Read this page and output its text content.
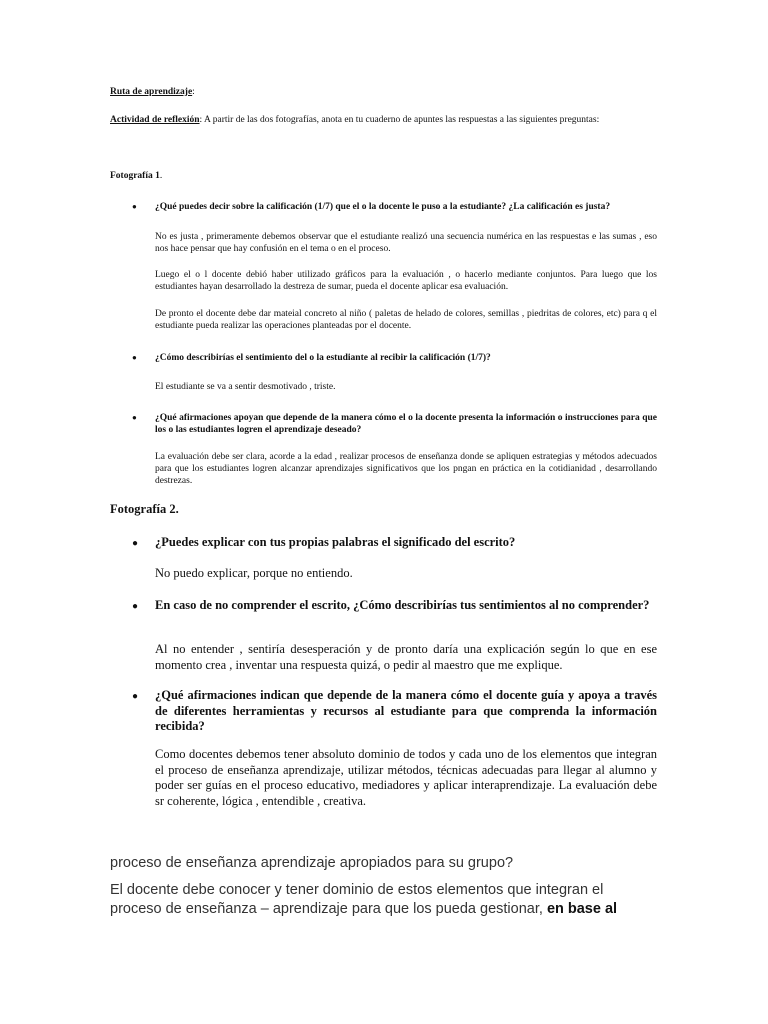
Ruta de aprendizaje:
Actividad de reflexión: A partir de las dos fotografías, anota en tu cuaderno de apuntes las respuestas a las siguientes preguntas:
Fotografía 1.
● ¿Qué puedes decir sobre la calificación (1/7) que el o la docente le puso a la estudiante? ¿La calificación es justa?
No es justa , primeramente debemos observar que el estudiante realizó una secuencia numérica en las respuestas e las sumas , eso nos hace pensar que hay confusión en el tema o en el proceso.
Luego el o l docente debió haber utilizado gráficos para la evaluación , o hacerlo mediante conjuntos. Para luego que los estudiantes hayan desarrollado la destreza de sumar, pueda el docente aplicar esa evaluación.
De pronto el docente debe dar mateial concreto al niño ( paletas de helado de colores, semillas , piedritas de colores, etc) para q el estudiante pueda realizar las operaciones planteadas por el docente.
● ¿Cómo describirías el sentimiento del o la estudiante al recibir la calificación (1/7)?
El estudiante se va a sentir desmotivado , triste.
● ¿Qué afirmaciones apoyan que depende de la manera cómo el o la docente presenta la información o instrucciones para que los o las estudiantes logren el aprendizaje deseado?
La evaluación debe ser clara, acorde a la edad , realizar procesos de enseñanza donde se apliquen estrategias y métodos adecuados para que los estudiantes logren alcanzar aprendizajes significativos que los pngan en práctica en la cotidianidad , desarrollando destrezas.
Fotografía 2.
● ¿Puedes explicar con tus propias palabras el significado del escrito?
No puedo explicar, porque no entiendo.
● En caso de no comprender el escrito, ¿Cómo describirías tus sentimientos al no comprender?
Al no entender , sentiría desesperación y de pronto daría una explicación según lo que en ese momento crea , inventar una respuesta quizá, o pedir al maestro que me explique.
● ¿Qué afirmaciones indican que depende de la manera cómo el docente guía y apoya a través de diferentes herramientas y recursos al estudiante para que comprenda la información recibida?
Como docentes debemos tener absoluto dominio de todos y cada uno de los elementos que integran el proceso de enseñanza aprendizaje, utilizar métodos, técnicas adecuadas para llegar al alumno y poder ser guías en el proceso educativo, mediadores y aplicar interaprendizaje. La evaluación debe sr coherente, lógica , entendible , creativa.
proceso de enseñanza aprendizaje apropiados para su grupo?
El docente debe conocer y tener dominio de estos elementos que integran el proceso de enseñanza – aprendizaje para que los pueda gestionar, en base al
